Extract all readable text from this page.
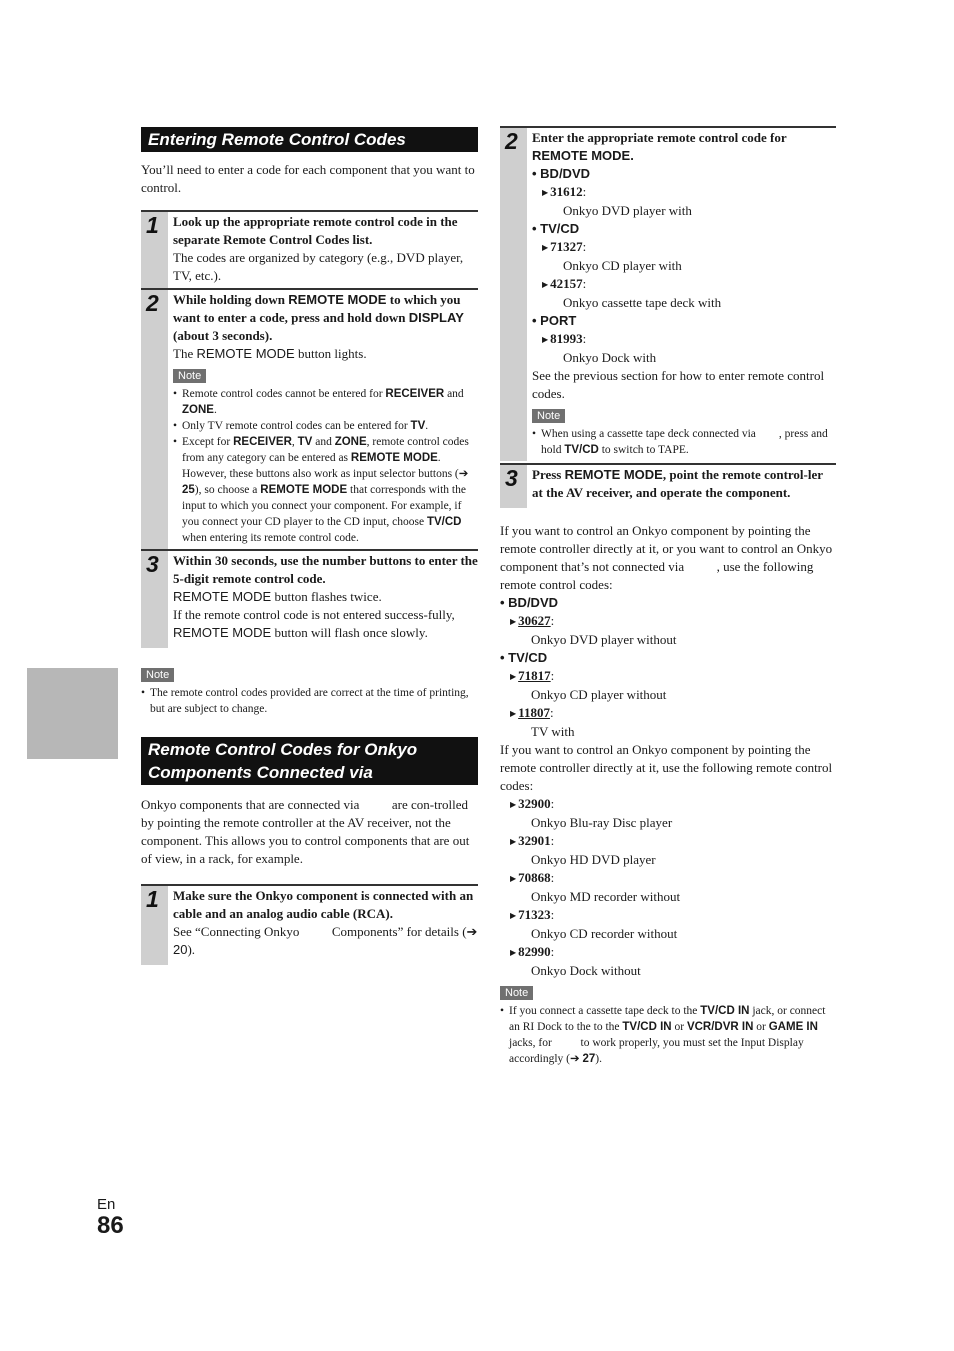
Entering Remote Control Codes

You’ll need to enter a code for each component that you want to control.

1 Look up the appropriate remote control code in the separate Remote Control Codes list.
The codes are organized by category (e.g., DVD player, TV, etc.).
2 While holding down REMOTE MODE to which you want to enter a code, press and hold down DISPLAY (about 3 seconds).
The REMOTE MODE button lights.
Note
• Remote control codes cannot be entered for RECEIVER and ZONE.
• Only TV remote control codes can be entered for TV.
• Except for RECEIVER, TV and ZONE, remote control codes from any category can be entered as REMOTE MODE. However, these buttons also work as input selector buttons (➔ 25), so choose a REMOTE MODE that corresponds with the input to which you connect your component. For example, if you connect your CD player to the CD input, choose TV/CD when entering its remote control code.
3 Within 30 seconds, use the number buttons to enter the 5-digit remote control code.
REMOTE MODE button flashes twice.
If the remote control code is not entered success-fully, REMOTE MODE button will flash once slowly.
Note
• The remote control codes provided are correct at the time of printing, but are subject to change.
Remote Control Codes for Onkyo
Components Connected via

Onkyo components that are connected via          are con-trolled by pointing the remote controller at the AV receiver, not the component. This allows you to control components that are out of view, in a rack, for example.

1 Make sure the Onkyo component is connected with an          cable and an analog audio cable (RCA).
See “Connecting Onkyo          Components” for details (➔ 20).
2 Enter the appropriate remote control code for REMOTE MODE.
• BD/DVD
▶ 31612:
Onkyo DVD player with
• TV/CD
▶ 71327:
Onkyo CD player with
▶ 42157:
Onkyo cassette tape deck with
• PORT
▶ 81993:
Onkyo Dock with
See the previous section for how to enter remote control codes.
Note
• When using a cassette tape deck connected via        , press and hold TV/CD to switch to TAPE.
3 Press REMOTE MODE, point the remote control-ler at the AV receiver, and operate the component.

If you want to control an Onkyo component by pointing the remote controller directly at it, or you want to control an Onkyo component that’s not connected via          , use the following remote control codes:

• BD/DVD
▶ 30627:
Onkyo DVD player without
• TV/CD
▶ 71817:
Onkyo CD player without
▶ 11807:
TV with

If you want to control an Onkyo component by pointing the remote controller directly at it, use the following remote control codes:

▶ 32900:
Onkyo Blu-ray Disc player
▶ 32901:
Onkyo HD DVD player
▶ 70868:
Onkyo MD recorder without
▶ 71323:
Onkyo CD recorder without
▶ 82990:
Onkyo Dock without
Note
• If you connect a cassette tape deck to the TV/CD IN jack, or connect an RI Dock to the to the TV/CD IN or VCR/DVR IN or GAME IN jacks, for          to work properly, you must set the Input Display accordingly (➔ 27).
En
86
